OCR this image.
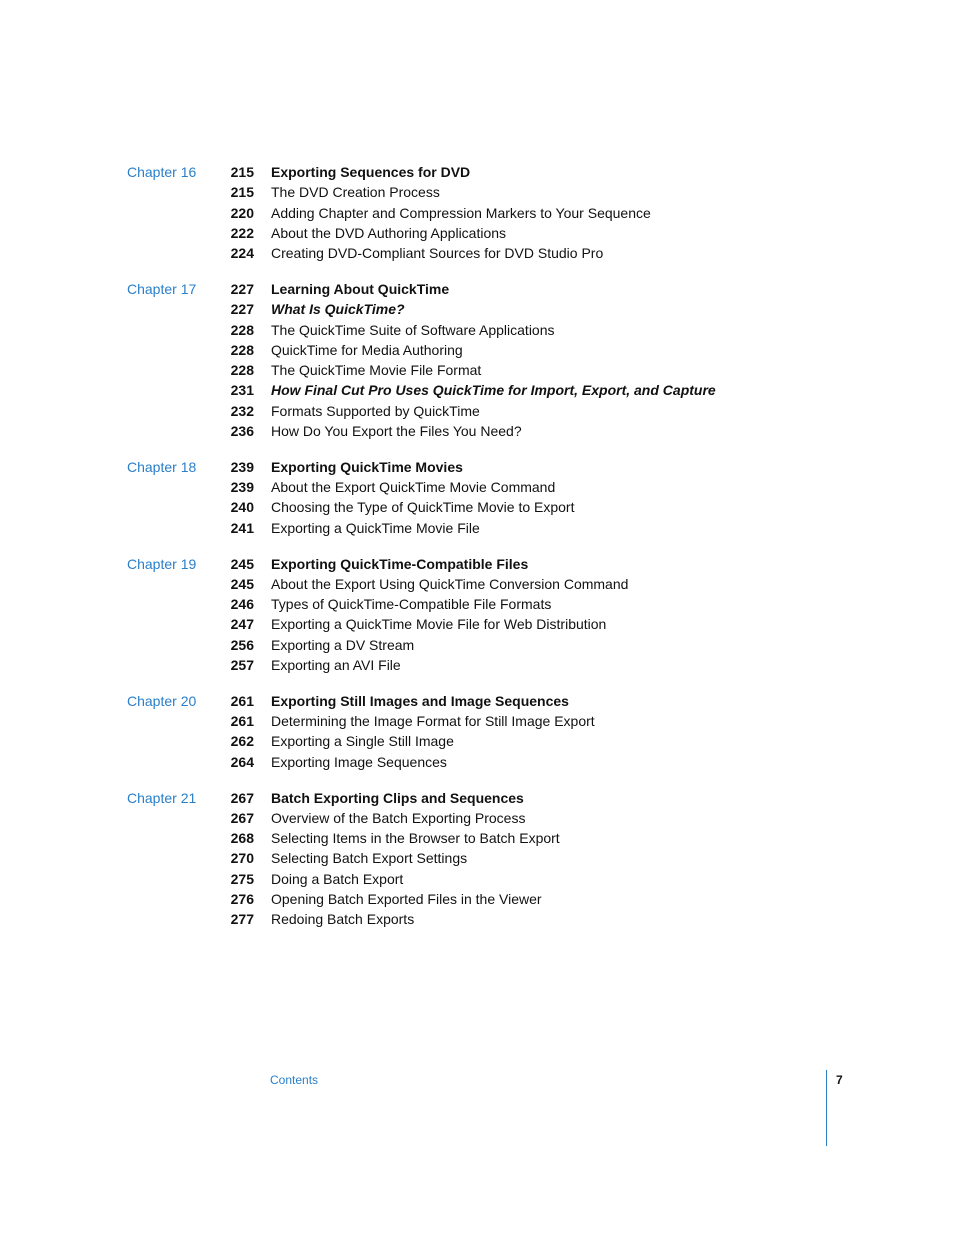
Chapter 16	215 Exporting Sequences for DVD
215 The DVD Creation Process
220 Adding Chapter and Compression Markers to Your Sequence
222 About the DVD Authoring Applications
224 Creating DVD-Compliant Sources for DVD Studio Pro
Chapter 17	227 Learning About QuickTime
227 What Is QuickTime?
228 The QuickTime Suite of Software Applications
228 QuickTime for Media Authoring
228 The QuickTime Movie File Format
231 How Final Cut Pro Uses QuickTime for Import, Export, and Capture
232 Formats Supported by QuickTime
236 How Do You Export the Files You Need?
Chapter 18	239 Exporting QuickTime Movies
239 About the Export QuickTime Movie Command
240 Choosing the Type of QuickTime Movie to Export
241 Exporting a QuickTime Movie File
Chapter 19	245 Exporting QuickTime-Compatible Files
245 About the Export Using QuickTime Conversion Command
246 Types of QuickTime-Compatible File Formats
247 Exporting a QuickTime Movie File for Web Distribution
256 Exporting a DV Stream
257 Exporting an AVI File
Chapter 20	261 Exporting Still Images and Image Sequences
261 Determining the Image Format for Still Image Export
262 Exporting a Single Still Image
264 Exporting Image Sequences
Chapter 21	267 Batch Exporting Clips and Sequences
267 Overview of the Batch Exporting Process
268 Selecting Items in the Browser to Batch Export
270 Selecting Batch Export Settings
275 Doing a Batch Export
276 Opening Batch Exported Files in the Viewer
277 Redoing Batch Exports
Contents	7
